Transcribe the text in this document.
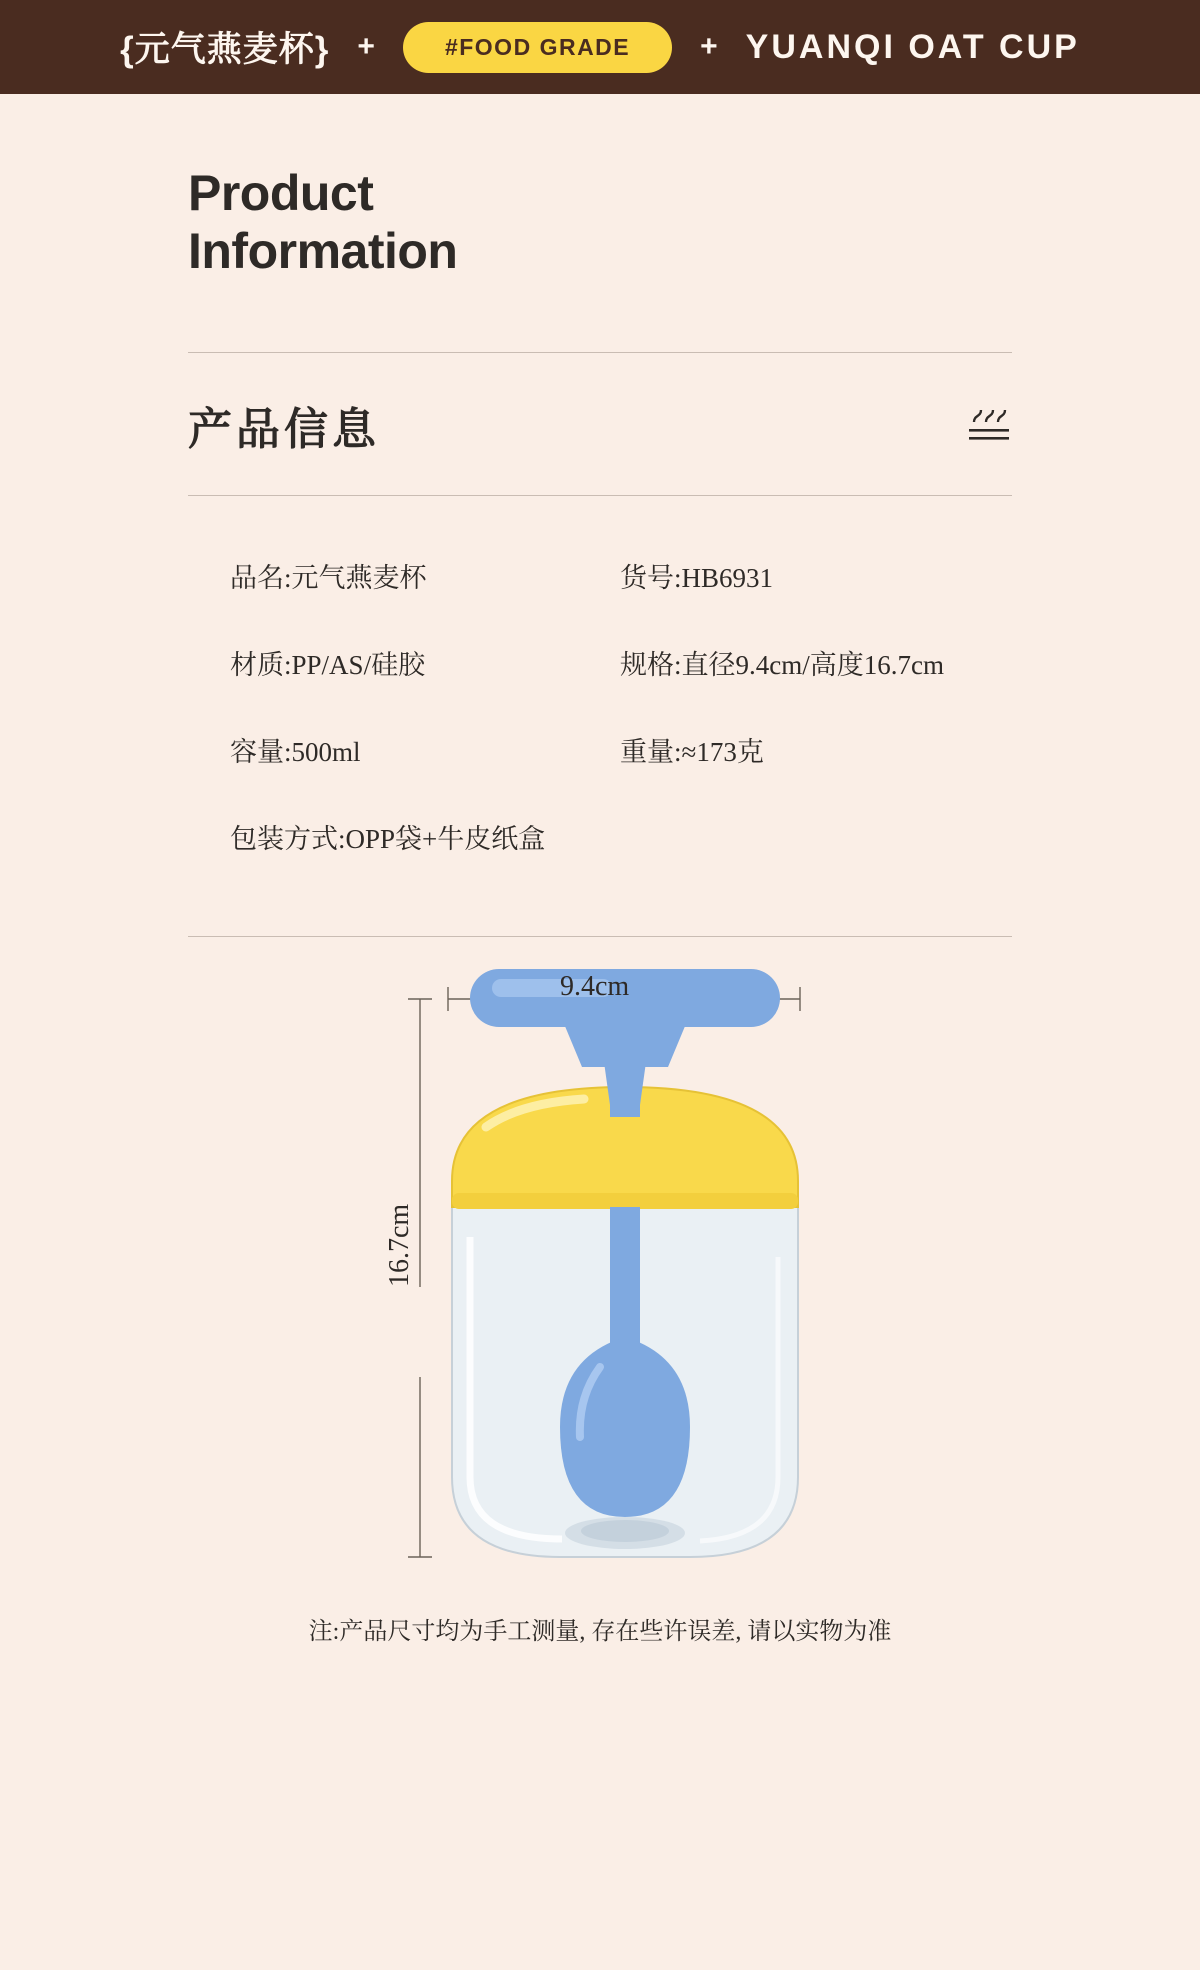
{元气燕麦杯} +	#FOOD GRADE	+ YUANQI OAT CUP
Product
Information
产品信息
品名:元气燕麦杯	货号:HB6931
材质:PP/AS/硅胶	规格:直径9.4cm/高度16.7cm
容量:500ml	重量:≈173克
包装方式:OPP袋+牛皮纸盒
9.4cm
16.7cm
注:产品尺寸均为手工测量, 存在些许误差, 请以实物为准
